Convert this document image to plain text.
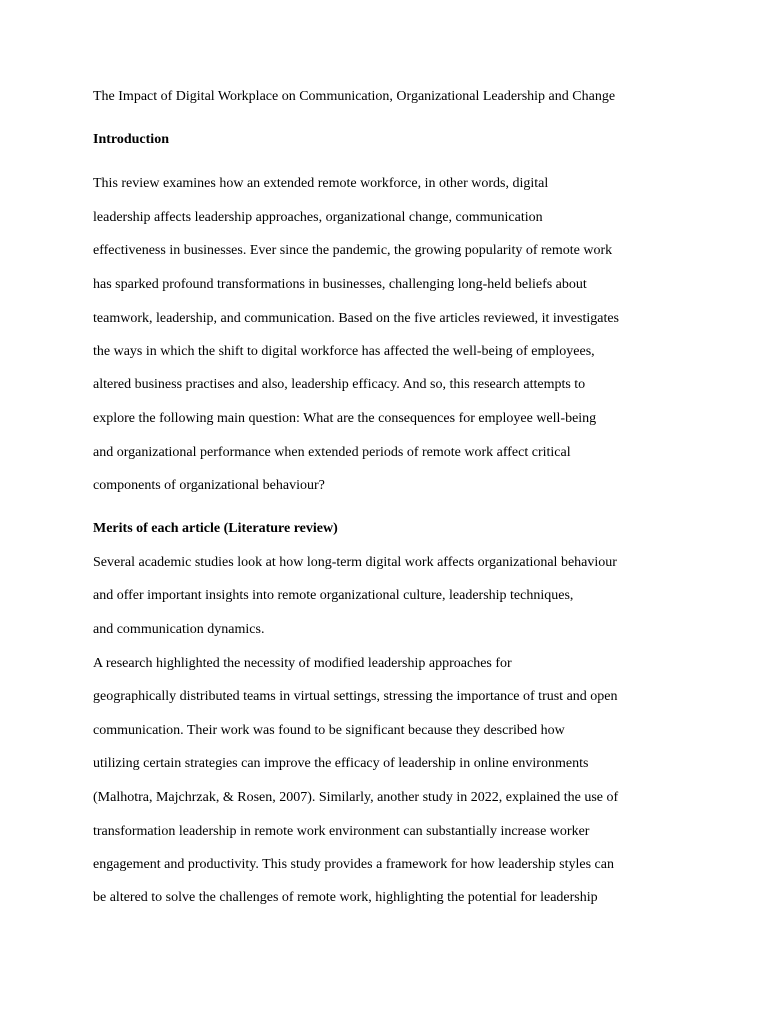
The Impact of Digital Workplace on Communication, Organizational Leadership and Change
Introduction
This review examines how an extended remote workforce, in other words, digital
leadership affects leadership approaches, organizational change, communication
effectiveness in businesses. Ever since the pandemic, the growing popularity of remote work
has sparked profound transformations in businesses, challenging long-held beliefs about
teamwork, leadership, and communication. Based on the five articles reviewed, it investigates
the ways in which the shift to digital workforce has affected the well-being of employees,
altered business practises and also, leadership efficacy. And so, this research attempts to
explore the following main question: What are the consequences for employee well-being
and organizational performance when extended periods of remote work affect critical
components of organizational behaviour?
Merits of each article (Literature review)
Several academic studies look at how long-term digital work affects organizational behaviour
and offer important insights into remote organizational culture, leadership techniques,
and communication dynamics.
A research highlighted the necessity of modified leadership approaches for
geographically distributed teams in virtual settings, stressing the importance of trust and open
communication. Their work was found to be significant because they described how
utilizing certain strategies can improve the efficacy of leadership in online environments
(Malhotra, Majchrzak, & Rosen, 2007). Similarly, another study in 2022, explained the use of
transformation leadership in remote work environment can substantially increase worker
engagement and productivity. This study provides a framework for how leadership styles can
be altered to solve the challenges of remote work, highlighting the potential for leadership
